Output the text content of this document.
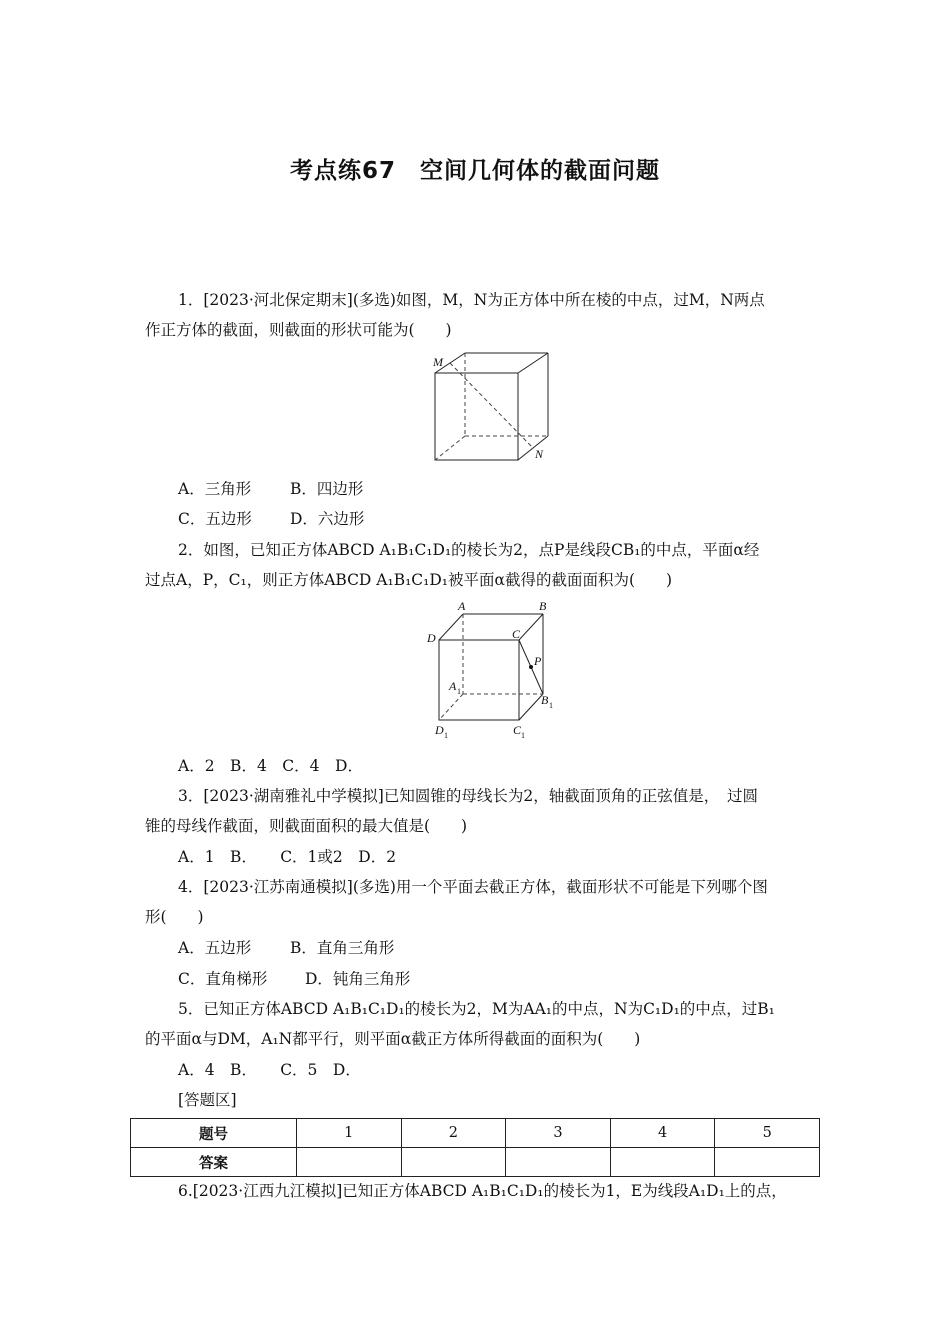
考点练67　空间几何体的截面问题
1．[2023·河北保定期末](多选)如图，M，N为正方体中所在棱的中点，过M，N两点
作正方体的截面，则截面的形状可能为(　　)
M
N
A．三角形	B．四边形
C．五边形 D．六边形
2．如图，已知正方体ABCD A₁B₁C₁D₁的棱长为2，点P是线段CB₁的中点，平面α经
过点A，P，C₁，则正方体ABCD A₁B₁C₁D₁被平面α截得的截面面积为(　　)
A	B
C
D
P
A 1
B 1
D 1	C 1
A．2　B．4　C．4　D．
3．[2023·湖南雅礼中学模拟]已知圆锥的母线长为2，轴截面顶角的正弦值是，　过圆
锥的母线作截面，则截面面积的最大值是(　　)
A．1　B．　　C．1或2　D．2
4．[2023·江苏南通模拟](多选)用一个平面去截正方体，截面形状不可能是下列哪个图
形(　　)
A．五边形	B．直角三角形
C．直角梯形 D．钝角三角形
5．已知正方体ABCD A₁B₁C₁D₁的棱长为2，M为AA₁的中点，N为C₁D₁的中点，过B₁
的平面α与DM，A₁N都平行，则平面α截正方体所得截面的面积为(　　)
A．4　B．　　C．5　D．
[答题区]
题号	1	2	3	4	5
答案					
6.[2023·江西九江模拟]已知正方体ABCD A₁B₁C₁D₁的棱长为1，E为线段A₁D₁上的点，
